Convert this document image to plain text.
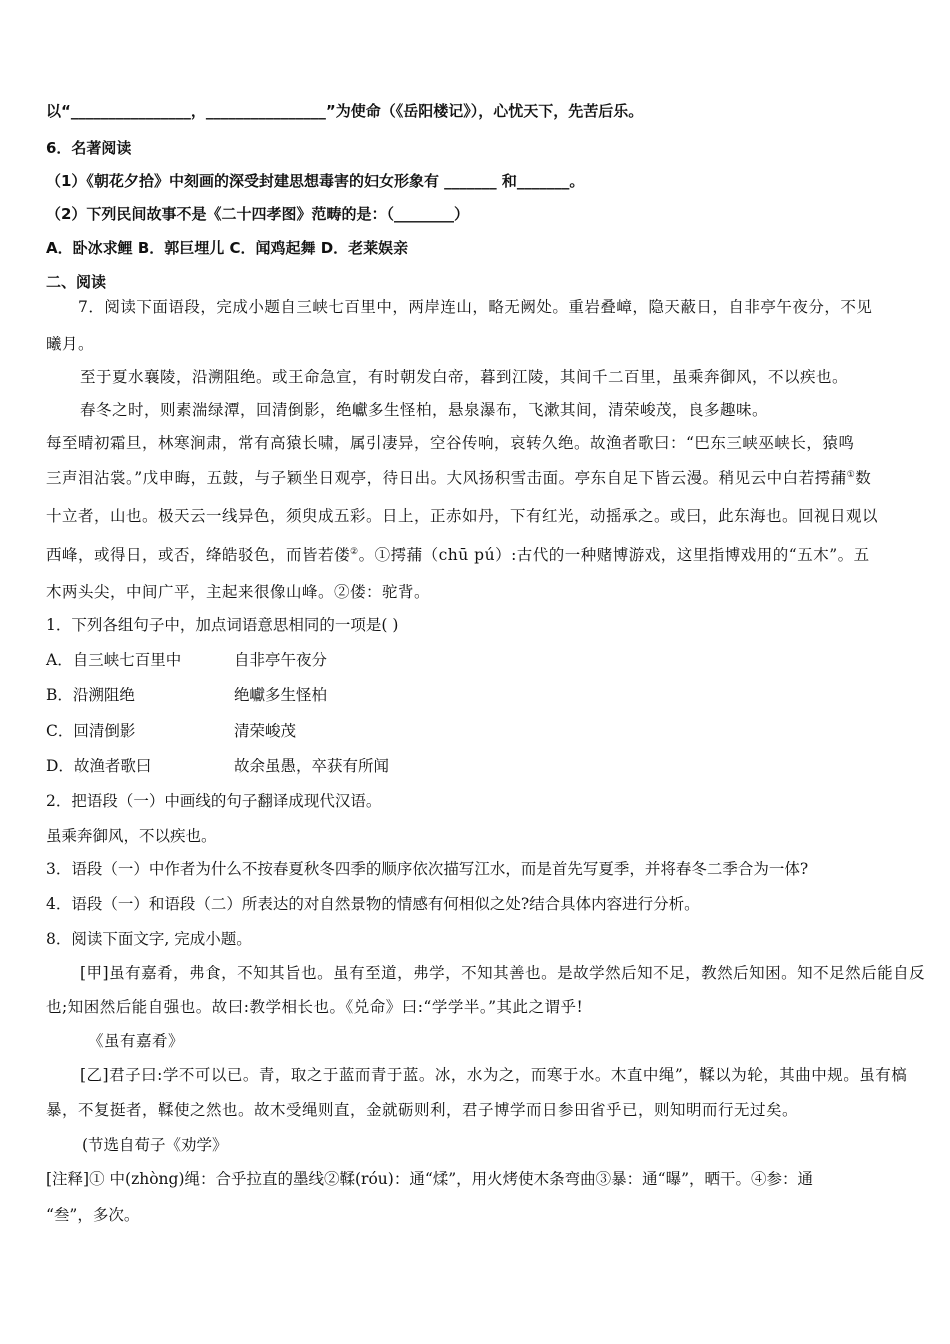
以“________________，________________”为使命（《岳阳楼记》），心忧天下，先苦后乐。
6．名著阅读
（1）《朝花夕拾》中刻画的深受封建思想毒害的妇女形象有 _______ 和_______。
（2）下列民间故事不是《二十四孝图》范畴的是：（________）
A．卧冰求鲤 B．郭巨埋儿 C．闻鸡起舞 D．老莱娱亲
二、阅读
7．阅读下面语段，完成小题自三峡七百里中，两岸连山，略无阙处。重岩叠嶂，隐天蔽日，自非亭午夜分，不见
曦月。
至于夏水襄陵，沿溯阻绝。或王命急宣，有时朝发白帝，暮到江陵，其间千二百里，虽乘奔御风，不以疾也。
春冬之时，则素湍绿潭，回清倒影，绝巘多生怪柏，悬泉瀑布，飞漱其间，清荣峻茂，良多趣味。
每至晴初霜旦，林寒涧肃，常有高猿长啸，属引凄异，空谷传响，哀转久绝。故渔者歌曰：“巴东三峡巫峡长，猿鸣
三声泪沾裳。”戊申晦，五鼓，与子颖坐日观亭，待日出。大风扬积雪击面。亭东自足下皆云漫。稍见云中白若摴蒱①数
十立者，山也。极天云一线异色，须臾成五彩。日上，正赤如丹，下有红光，动摇承之。或曰，此东海也。回视日观以
西峰，或得日，或否，绛皓驳色，而皆若偻②。①摴蒱（chū pú）:古代的一种赌博游戏，这里指博戏用的“五木”。五
木两头尖，中间广平，主起来很像山峰。②偻：驼背。
1．下列各组句子中，加点词语意思相同的一项是( )
A．自三峡七百里中	自非亭午夜分
B．沿溯阻绝	绝巘多生怪柏
C．回清倒影	清荣峻茂
D．故渔者歌曰	故余虽愚，卒获有所闻
2．把语段（一）中画线的句子翻译成现代汉语。
虽乘奔御风，不以疾也。
3．语段（一）中作者为什么不按春夏秋冬四季的顺序依次描写江水，而是首先写夏季，并将春冬二季合为一体?
4．语段（一）和语段（二）所表达的对自然景物的情感有何相似之处?结合具体内容进行分析。
8．阅读下面文字, 完成小题。
[甲]虽有嘉肴，弗食，不知其旨也。虽有至道，弗学，不知其善也。是故学然后知不足，教然后知困。知不足然后能自反
也;知困然后能自强也。故曰:教学相长也。《兑命》曰:“学学半。”其此之谓乎!
《虽有嘉肴》
[乙]君子曰:学不可以已。青，取之于蓝而青于蓝。冰，水为之，而寒于水。木直中绳”，鞣以为轮，其曲中规。虽有槁
暴，不复挺者，鞣使之然也。故木受绳则直，金就砺则利，君子博学而日参田省乎已，则知明而行无过矣。
(节选自荀子《劝学》
[注释]① 中(zhòng)绳：合乎拉直的墨线②鞣(róu)：通“煣”，用火烤使木条弯曲③暴：通“曝”，晒干。④参：通
“叁”，多次。
